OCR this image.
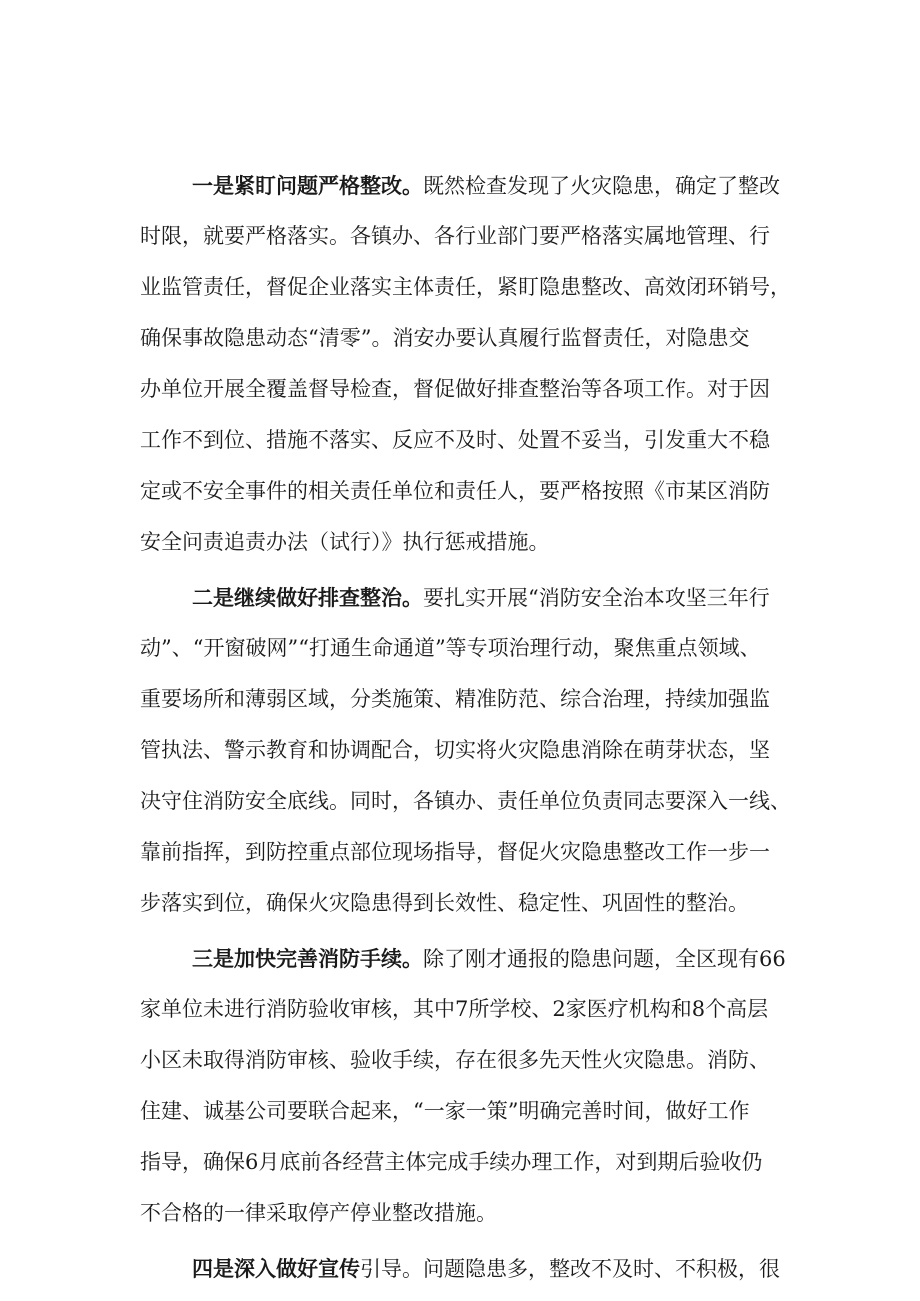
一是紧盯问题严格整改。既然检查发现了火灾隐患，确定了整改
时限，就要严格落实。各镇办、各行业部门要严格落实属地管理、行
业监管责任，督促企业落实主体责任，紧盯隐患整改、高效闭环销号，
确保事故隐患动态“清零”。消安办要认真履行监督责任，对隐患交
办单位开展全覆盖督导检查，督促做好排查整治等各项工作。对于因
工作不到位、措施不落实、反应不及时、处置不妥当，引发重大不稳
定或不安全事件的相关责任单位和责任人，要严格按照《市某区消防
安全问责追责办法（试行）》执行惩戒措施。
二是继续做好排查整治。要扎实开展“消防安全治本攻坚三年行
动”、“开窗破网”“打通生命通道”等专项治理行动，聚焦重点领域、
重要场所和薄弱区域，分类施策、精准防范、综合治理，持续加强监
管执法、警示教育和协调配合，切实将火灾隐患消除在萌芽状态，坚
决守住消防安全底线。同时，各镇办、责任单位负责同志要深入一线、
靠前指挥，到防控重点部位现场指导，督促火灾隐患整改工作一步一
步落实到位，确保火灾隐患得到长效性、稳定性、巩固性的整治。
三是加快完善消防手续。除了刚才通报的隐患问题，全区现有66
家单位未进行消防验收审核，其中7所学校、2家医疗机构和8个高层
小区未取得消防审核、验收手续，存在很多先天性火灾隐患。消防、
住建、诚基公司要联合起来，“一家一策”明确完善时间，做好工作
指导，确保6月底前各经营主体完成手续办理工作，对到期后验收仍
不合格的一律采取停产停业整改措施。
四是深入做好宣传引导。问题隐患多，整改不及时、不积极，很
